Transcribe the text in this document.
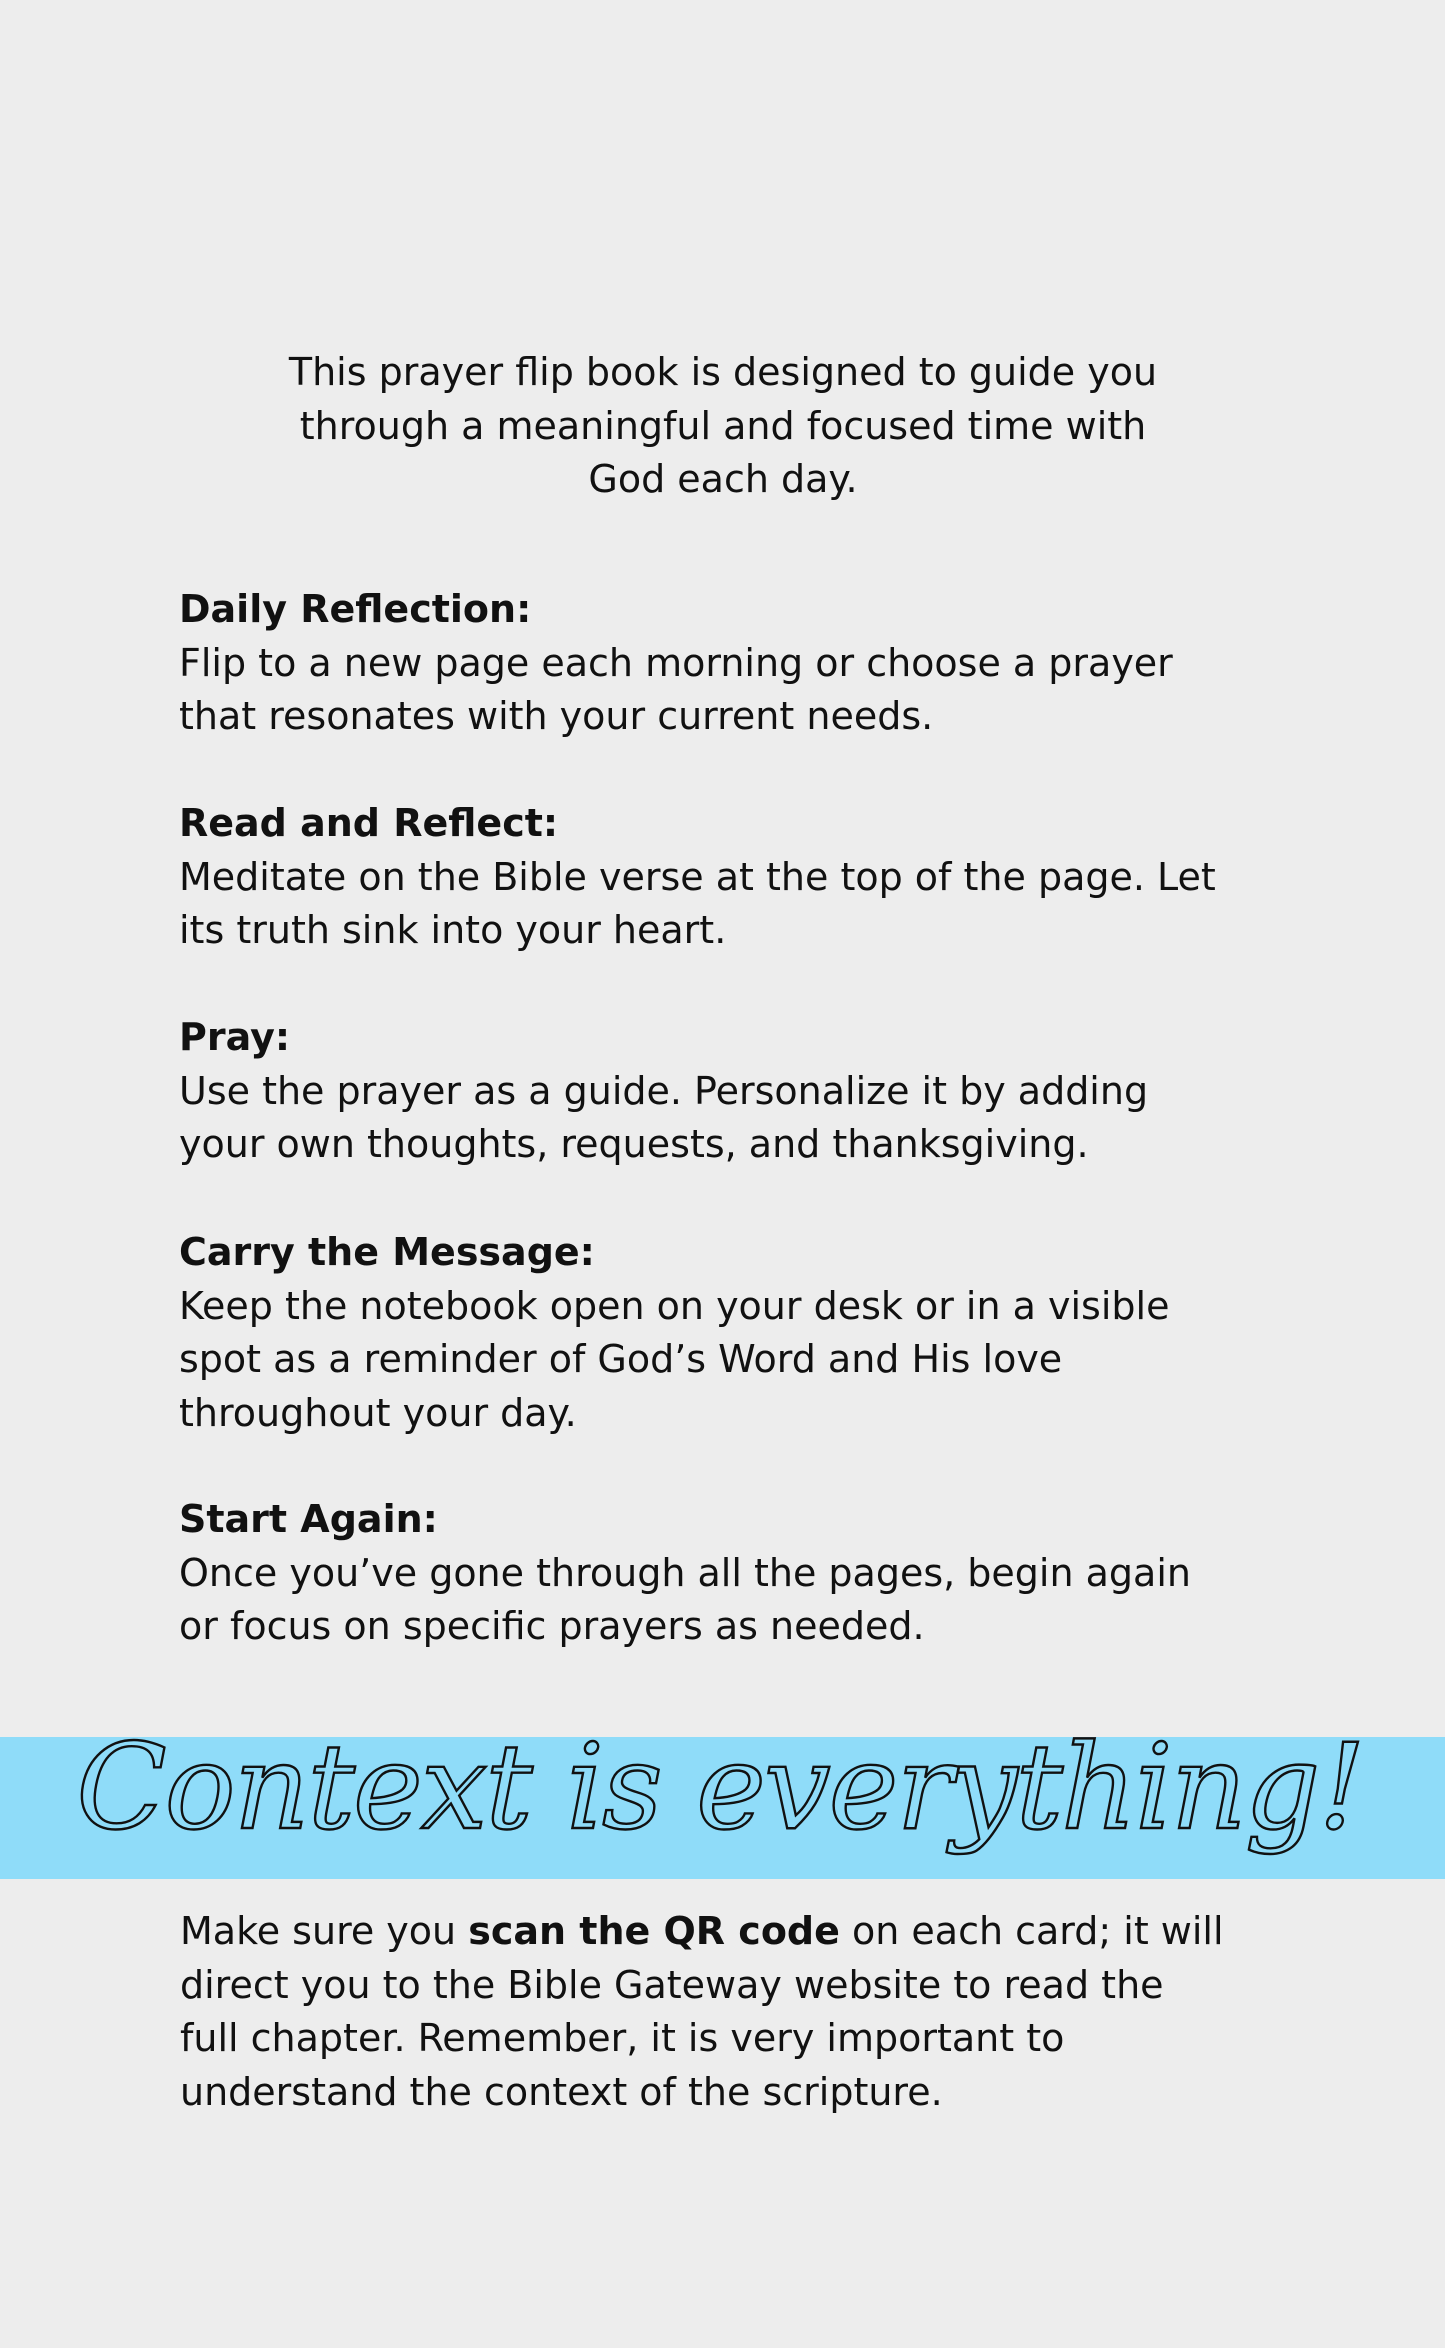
This prayer flip book is designed to guide you
through a meaningful and focused time with
God each day.
Daily Reflection:
Flip to a new page each morning or choose a prayer
that resonates with your current needs.
Read and Reflect:
Meditate on the Bible verse at the top of the page. Let
its truth sink into your heart.
Pray:
Use the prayer as a guide. Personalize it by adding
your own thoughts, requests, and thanksgiving.
Carry the Message:
Keep the notebook open on your desk or in a visible
spot as a reminder of God’s Word and His love
throughout your day.
Start Again:
Once you’ve gone through all the pages, begin again
or focus on specific prayers as needed.
Context is everything!
Make sure you scan the QR code on each card; it will
direct you to the Bible Gateway website to read the
full chapter. Remember, it is very important to
understand the context of the scripture.
